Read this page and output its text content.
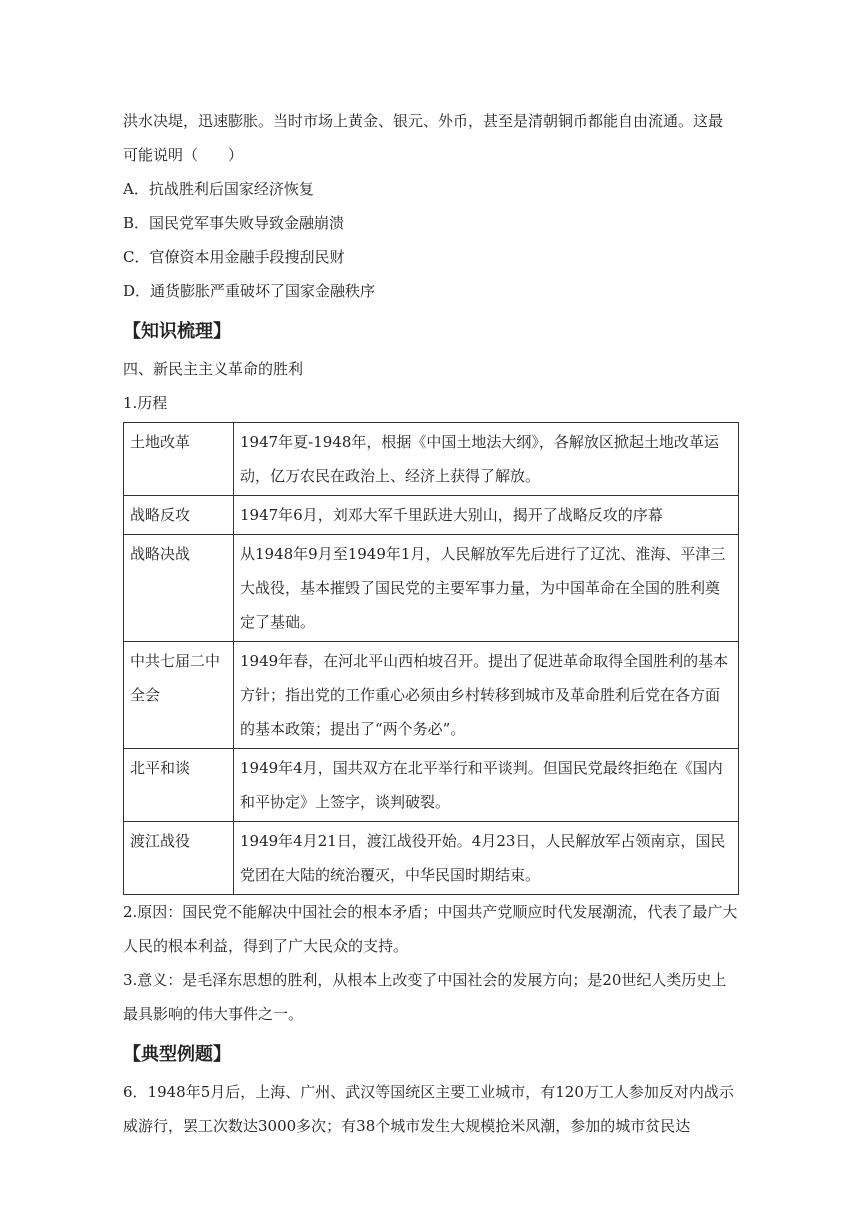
洪水决堤，迅速膨胀。当时市场上黄金、银元、外币，甚至是清朝铜币都能自由流通。这最

可能说明（　　）

A．抗战胜利后国家经济恢复
B．国民党军事失败导致金融崩溃
C．官僚资本用金融手段搜刮民财
D．通货膨胀严重破坏了国家金融秩序
【知识梳理】

四、新民主主义革命的胜利

1.历程

土地改革	1947年夏-1948年，根据《中国土地法大纲》，各解放区掀起土地改革运动，亿万农民在政治上、经济上获得了解放。
战略反攻	1947年6月，刘邓大军千里跃进大别山，揭开了战略反攻的序幕
战略决战	从1948年9月至1949年1月，人民解放军先后进行了辽沈、淮海、平津三大战役，基本摧毁了国民党的主要军事力量，为中国革命在全国的胜利奠定了基础。
中共七届二中全会	1949年春，在河北平山西柏坡召开。提出了促进革命取得全国胜利的基本方针；指出党的工作重心必须由乡村转移到城市及革命胜利后党在各方面的基本政策；提出了“两个务必”。
北平和谈	1949年4月，国共双方在北平举行和平谈判。但国民党最终拒绝在《国内和平协定》上签字，谈判破裂。
渡江战役	1949年4月21日，渡江战役开始。4月23日，人民解放军占领南京，国民党团在大陆的统治覆灭，中华民国时期结束。

2.原因：国民党不能解决中国社会的根本矛盾；中国共产党顺应时代发展潮流，代表了最广大人民的根本利益，得到了广大民众的支持。

3.意义：是毛泽东思想的胜利，从根本上改变了中国社会的发展方向；是20世纪人类历史上最具影响的伟大事件之一。

【典型例题】

6．1948年5月后，上海、广州、武汉等国统区主要工业城市，有120万工人参加反对内战示威游行，罢工次数达3000多次；有38个城市发生大规模抢米风潮，参加的城市贫民达
